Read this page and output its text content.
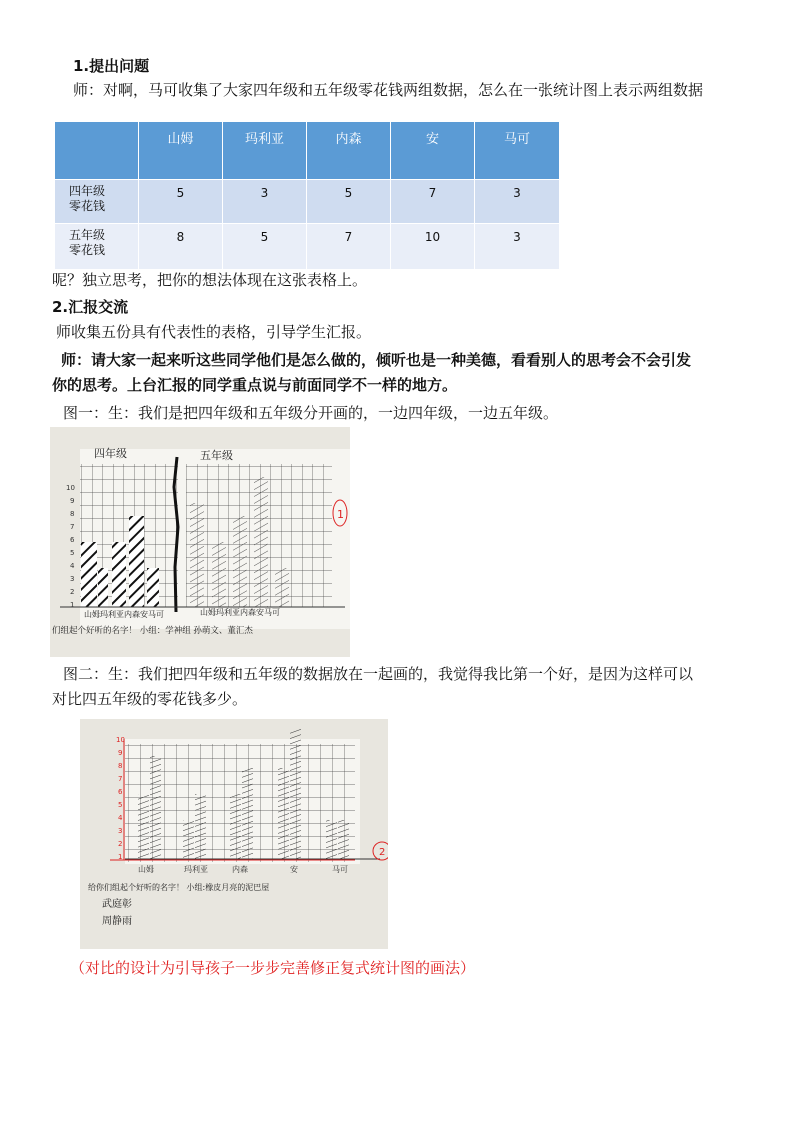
1.提出问题
师：对啊，马可收集了大家四年级和五年级零花钱两组数据，怎么在一张统计图上表示两组数据
	山姆	玛利亚	内森	安	马可
四年级
零花钱	5	3	5	7	3
五年级
零花钱	8	5	7	10	3
呢？独立思考，把你的想法体现在这张表格上。
2.汇报交流
师收集五份具有代表性的表格，引导学生汇报。
师：请大家一起来听这些同学他们是怎么做的，倾听也是一种美德，看看别人的思考会不会引发
你的思考。上台汇报的同学重点说与前面同学不一样的地方。
图一：生：我们是把四年级和五年级分开画的，一边四年级，一边五年级。
1
四年级	五年级
山姆玛利亚内森安马可	山姆玛利亚内森安马可
们组起个好听的名字！ 小组：学神组 孙萌文、董汇杰
1
2
3
4
5
6
7
8
9
10
图二：生：我们把四年级和五年级的数据放在一起画的，我觉得我比第一个好，是因为这样可以
对比四五年级的零花钱多少。
2
1
2
3
4
5
6
7
8
9
10
山姆	玛利亚	内森	安	马可
给你们组起个好听的名字！ 小组:橡皮月亮的泥巴屋
武庭彰
周静雨
（对比的设计为引导孩子一步步完善修正复式统计图的画法）
